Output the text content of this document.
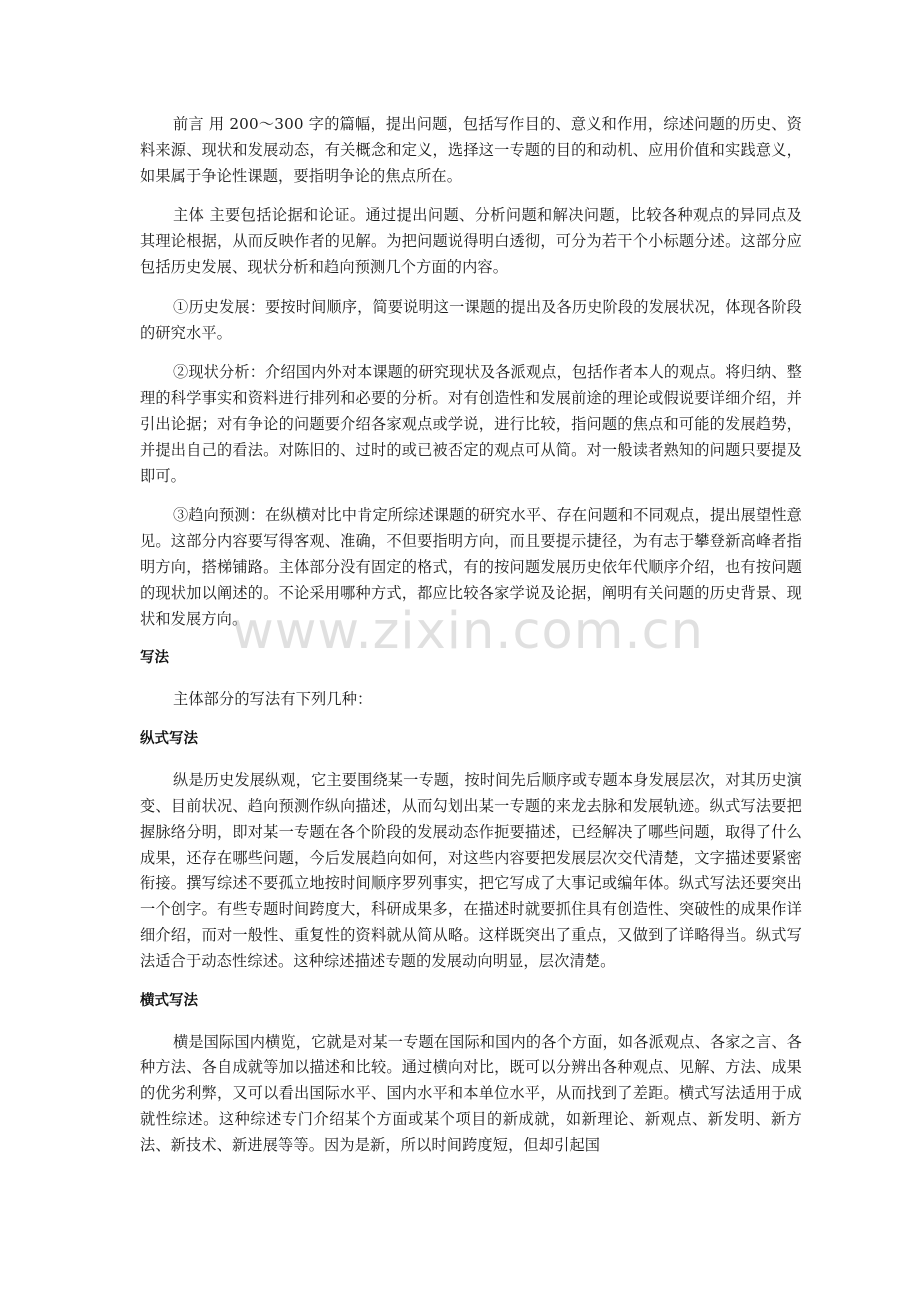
前言 用 200～300 字的篇幅，提出问题，包括写作目的、意义和作用，综述问题的历史、资料来源、现状和发展动态，有关概念和定义，选择这一专题的目的和动机、应用价值和实践意义，如果属于争论性课题，要指明争论的焦点所在。

主体 主要包括论据和论证。通过提出问题、分析问题和解决问题，比较各种观点的异同点及其理论根据，从而反映作者的见解。为把问题说得明白透彻，可分为若干个小标题分述。这部分应包括历史发展、现状分析和趋向预测几个方面的内容。

①历史发展：要按时间顺序，简要说明这一课题的提出及各历史阶段的发展状况，体现各阶段的研究水平。

②现状分析：介绍国内外对本课题的研究现状及各派观点，包括作者本人的观点。将归纳、整理的科学事实和资料进行排列和必要的分析。对有创造性和发展前途的理论或假说要详细介绍，并引出论据；对有争论的问题要介绍各家观点或学说，进行比较，指问题的焦点和可能的发展趋势，并提出自己的看法。对陈旧的、过时的或已被否定的观点可从简。对一般读者熟知的问题只要提及即可。

③趋向预测：在纵横对比中肯定所综述课题的研究水平、存在问题和不同观点，提出展望性意见。这部分内容要写得客观、准确，不但要指明方向，而且要提示捷径，为有志于攀登新高峰者指明方向，搭梯铺路。主体部分没有固定的格式，有的按问题发展历史依年代顺序介绍，也有按问题的现状加以阐述的。不论采用哪种方式，都应比较各家学说及论据，阐明有关问题的历史背景、现状和发展方向。

写法

主体部分的写法有下列几种：

纵式写法

纵是历史发展纵观，它主要围绕某一专题，按时间先后顺序或专题本身发展层次，对其历史演变、目前状况、趋向预测作纵向描述，从而勾划出某一专题的来龙去脉和发展轨迹。纵式写法要把握脉络分明，即对某一专题在各个阶段的发展动态作扼要描述，已经解决了哪些问题，取得了什么成果，还存在哪些问题，今后发展趋向如何，对这些内容要把发展层次交代清楚，文字描述要紧密衔接。撰写综述不要孤立地按时间顺序罗列事实，把它写成了大事记或编年体。纵式写法还要突出一个创字。有些专题时间跨度大，科研成果多，在描述时就要抓住具有创造性、突破性的成果作详细介绍，而对一般性、重复性的资料就从简从略。这样既突出了重点，又做到了详略得当。纵式写法适合于动态性综述。这种综述描述专题的发展动向明显，层次清楚。

横式写法

横是国际国内横览，它就是对某一专题在国际和国内的各个方面，如各派观点、各家之言、各种方法、各自成就等加以描述和比较。通过横向对比，既可以分辨出各种观点、见解、方法、成果的优劣利弊，又可以看出国际水平、国内水平和本单位水平，从而找到了差距。横式写法适用于成就性综述。这种综述专门介绍某个方面或某个项目的新成就，如新理论、新观点、新发明、新方法、新技术、新进展等等。因为是新，所以时间跨度短，但却引起国

www.zixin.com.cn
